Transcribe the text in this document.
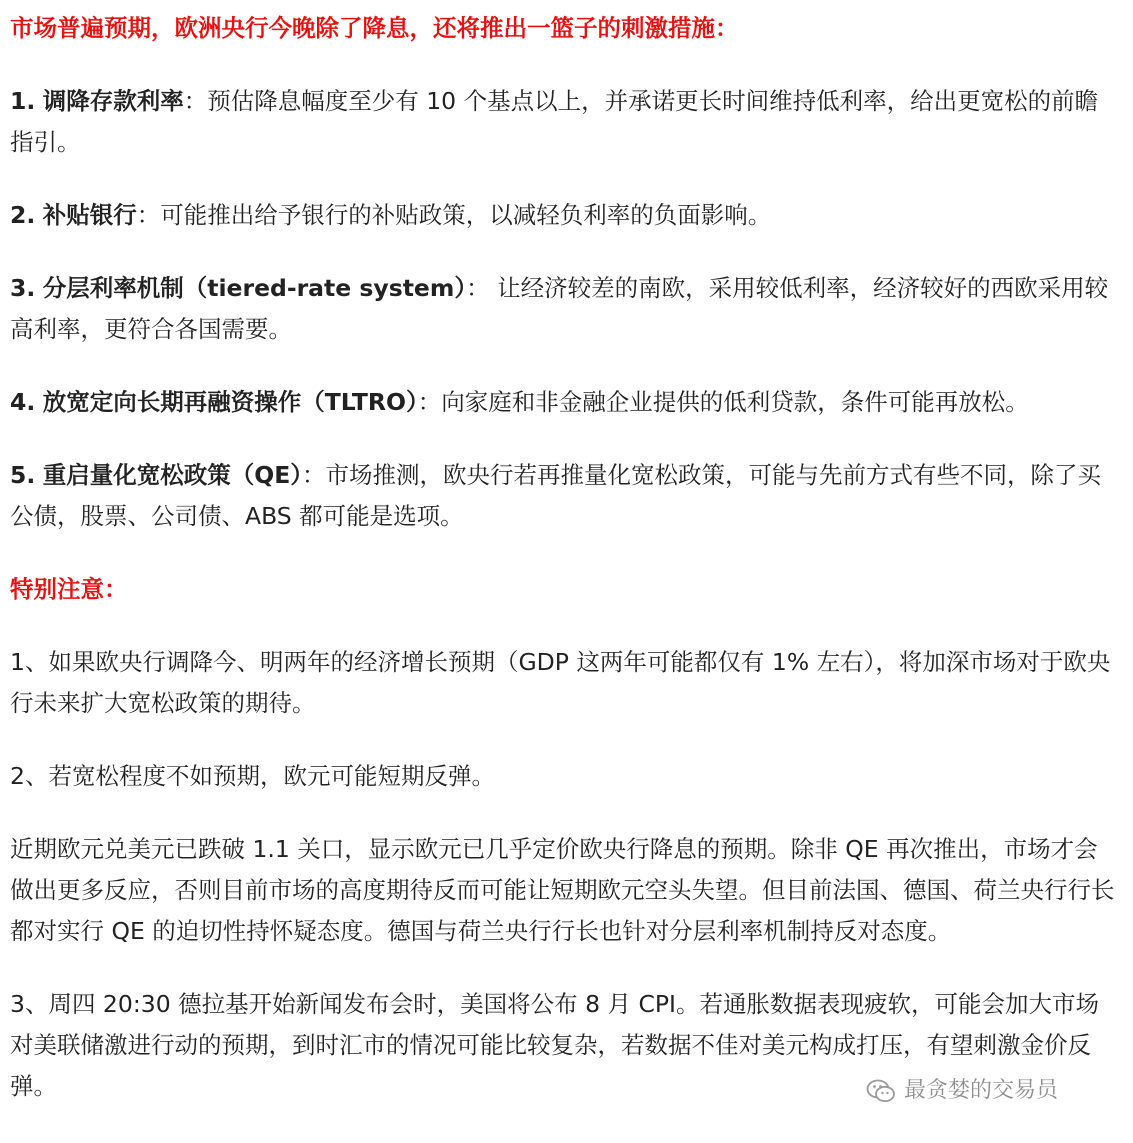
市场普遍预期，欧洲央行今晚除了降息，还将推出一篮子的刺激措施：

1. 调降存款利率：预估降息幅度至少有 10 个基点以上，并承诺更长时间维持低利率，给出更宽松的前瞻指引。

2. 补贴银行：可能推出给予银行的补贴政策，以减轻负利率的负面影响。

3. 分层利率机制（tiered-rate system）： 让经济较差的南欧，采用较低利率，经济较好的西欧采用较高利率，更符合各国需要。

4. 放宽定向长期再融资操作（TLTRO）：向家庭和非金融企业提供的低利贷款，条件可能再放松。

5. 重启量化宽松政策（QE）：市场推测，欧央行若再推量化宽松政策，可能与先前方式有些不同，除了买公债，股票、公司债、ABS 都可能是选项。

特别注意：

1、如果欧央行调降今、明两年的经济增长预期（GDP 这两年可能都仅有 1% 左右），将加深市场对于欧央行未来扩大宽松政策的期待。

2、若宽松程度不如预期，欧元可能短期反弹。

近期欧元兑美元已跌破 1.1 关口，显示欧元已几乎定价欧央行降息的预期。除非 QE 再次推出，市场才会做出更多反应，否则目前市场的高度期待反而可能让短期欧元空头失望。但目前法国、德国、荷兰央行行长都对实行 QE 的迫切性持怀疑态度。德国与荷兰央行行长也针对分层利率机制持反对态度。

3、周四 20:30 德拉基开始新闻发布会时，美国将公布 8 月 CPI。若通胀数据表现疲软，可能会加大市场对美联储激进行动的预期，到时汇市的情况可能比较复杂，若数据不佳对美元构成打压，有望刺激金价反弹。	最贪婪的交易员
